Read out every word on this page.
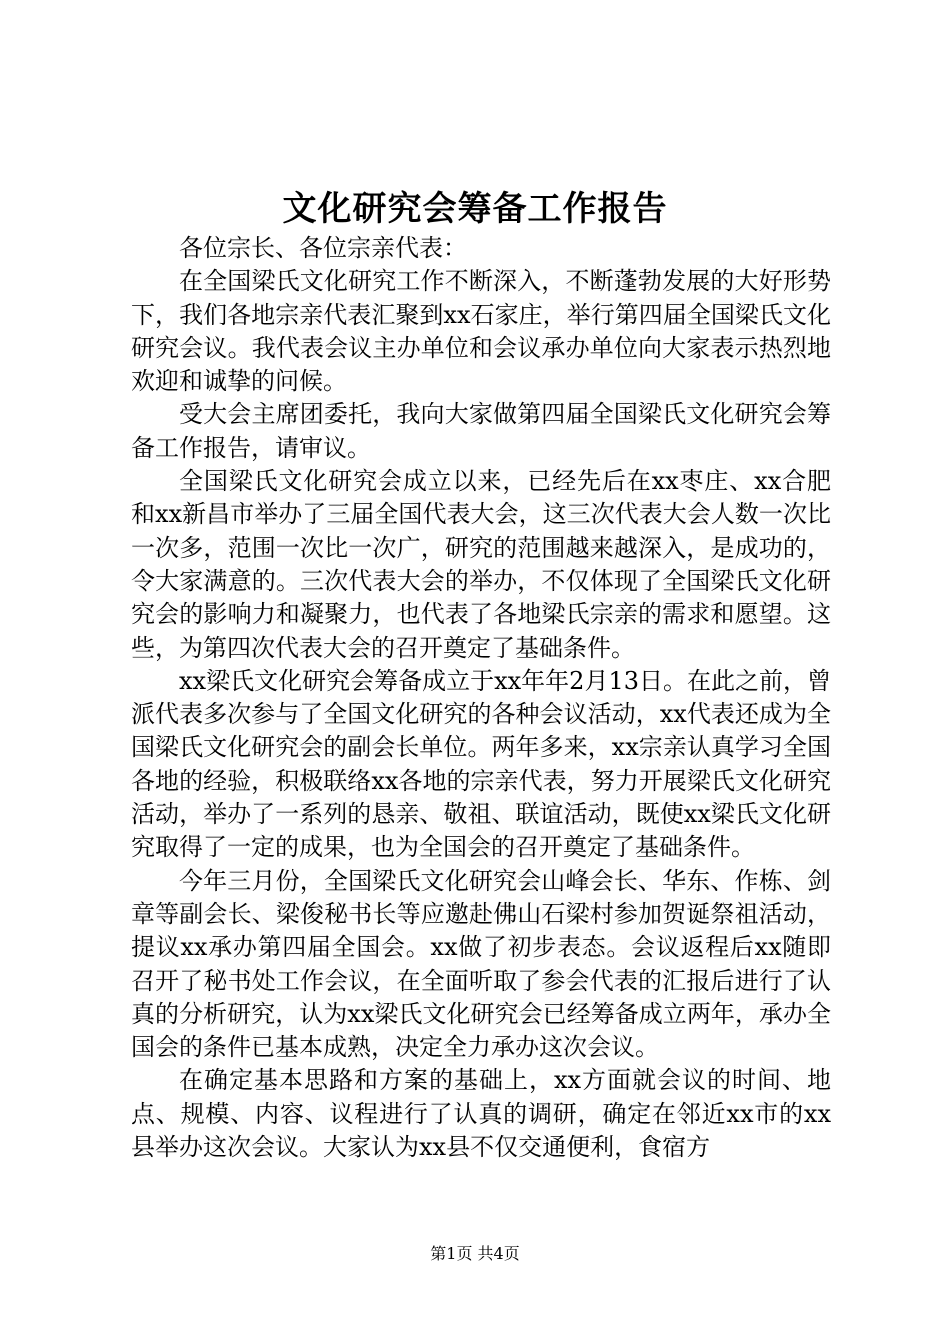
文化研究会筹备工作报告

各位宗长、各位宗亲代表：

在全国梁氏文化研究工作不断深入，不断蓬勃发展的大好形势下，我们各地宗亲代表汇聚到xx石家庄，举行第四届全国梁氏文化研究会议。我代表会议主办单位和会议承办单位向大家表示热烈地欢迎和诚挚的问候。

受大会主席团委托，我向大家做第四届全国梁氏文化研究会筹备工作报告，请审议。

全国梁氏文化研究会成立以来，已经先后在xx枣庄、xx合肥和xx新昌市举办了三届全国代表大会，这三次代表大会人数一次比一次多，范围一次比一次广，研究的范围越来越深入，是成功的，令大家满意的。三次代表大会的举办，不仅体现了全国梁氏文化研究会的影响力和凝聚力，也代表了各地梁氏宗亲的需求和愿望。这些，为第四次代表大会的召开奠定了基础条件。

xx梁氏文化研究会筹备成立于xx年年2月13日。在此之前，曾派代表多次参与了全国文化研究的各种会议活动，xx代表还成为全国梁氏文化研究会的副会长单位。两年多来，xx宗亲认真学习全国各地的经验，积极联络xx各地的宗亲代表，努力开展梁氏文化研究活动，举办了一系列的恳亲、敬祖、联谊活动，既使xx梁氏文化研究取得了一定的成果，也为全国会的召开奠定了基础条件。

今年三月份，全国梁氏文化研究会山峰会长、华东、作栋、剑章等副会长、梁俊秘书长等应邀赴佛山石梁村参加贺诞祭祖活动，提议xx承办第四届全国会。xx做了初步表态。会议返程后xx随即召开了秘书处工作会议，在全面听取了参会代表的汇报后进行了认真的分析研究，认为xx梁氏文化研究会已经筹备成立两年，承办全国会的条件已基本成熟，决定全力承办这次会议。

在确定基本思路和方案的基础上，xx方面就会议的时间、地点、规模、内容、议程进行了认真的调研，确定在邻近xx市的xx县举办这次会议。大家认为xx县不仅交通便利，食宿方

第1页 共4页
